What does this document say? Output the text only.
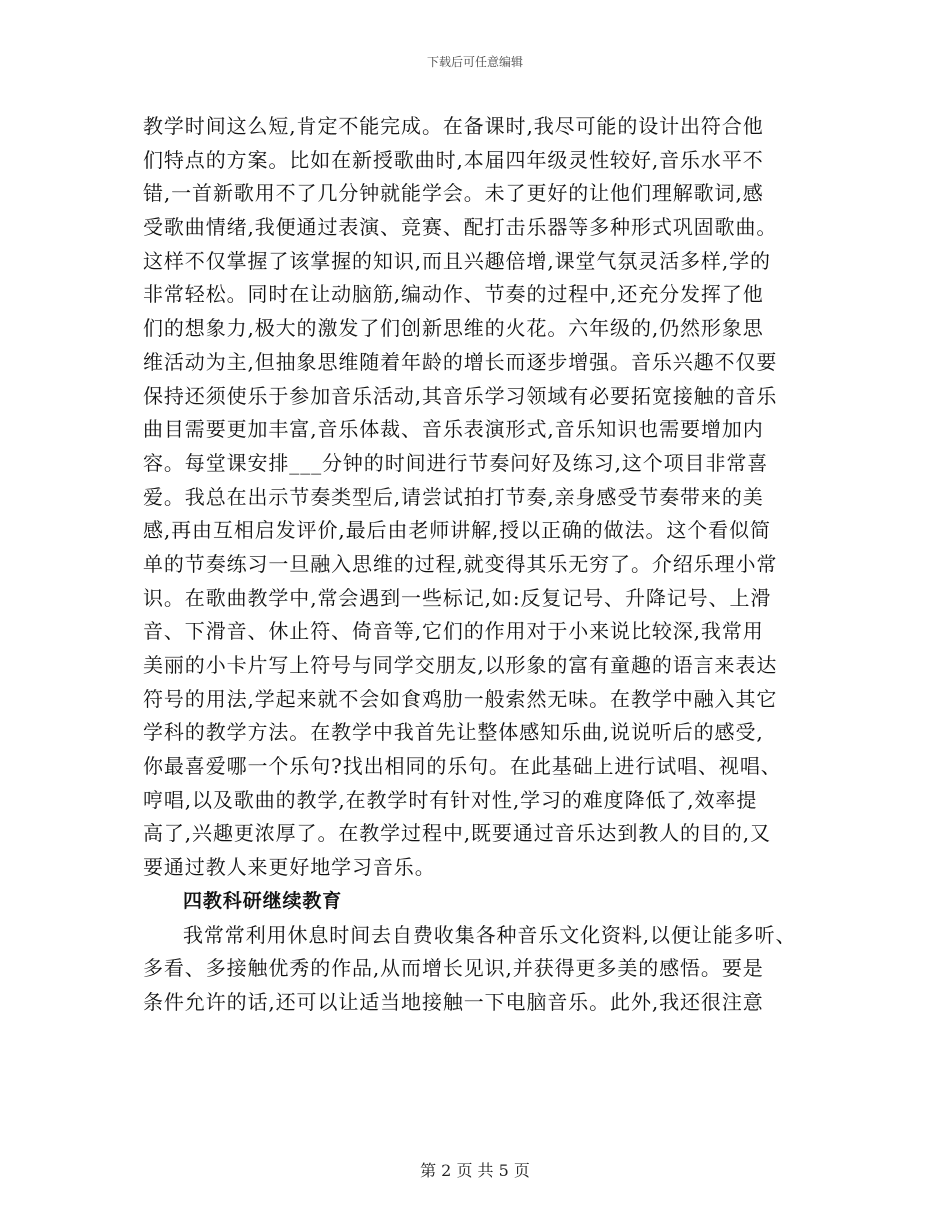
下载后可任意编辑
教学时间这么短,肯定不能完成。在备课时,我尽可能的设计出符合他
们特点的方案。比如在新授歌曲时,本届四年级灵性较好,音乐水平不
错,一首新歌用不了几分钟就能学会。未了更好的让他们理解歌词,感
受歌曲情绪,我便通过表演、竞赛、配打击乐器等多种形式巩固歌曲。
这样不仅掌握了该掌握的知识,而且兴趣倍增,课堂气氛灵活多样,学的
非常轻松。同时在让动脑筋,编动作、节奏的过程中,还充分发挥了他
们的想象力,极大的激发了们创新思维的火花。六年级的,仍然形象思
维活动为主,但抽象思维随着年龄的增长而逐步增强。音乐兴趣不仅要
保持还须使乐于参加音乐活动,其音乐学习领域有必要拓宽接触的音乐
曲目需要更加丰富,音乐体裁、音乐表演形式,音乐知识也需要增加内
容。每堂课安排___分钟的时间进行节奏问好及练习,这个项目非常喜
爱。我总在出示节奏类型后,请尝试拍打节奏,亲身感受节奏带来的美
感,再由互相启发评价,最后由老师讲解,授以正确的做法。这个看似简
单的节奏练习一旦融入思维的过程,就变得其乐无穷了。介绍乐理小常
识。在歌曲教学中,常会遇到一些标记,如:反复记号、升降记号、上滑
音、下滑音、休止符、倚音等,它们的作用对于小来说比较深,我常用
美丽的小卡片写上符号与同学交朋友,以形象的富有童趣的语言来表达
符号的用法,学起来就不会如食鸡肋一般索然无味。在教学中融入其它
学科的教学方法。在教学中我首先让整体感知乐曲,说说听后的感受,
你最喜爱哪一个乐句?找出相同的乐句。在此基础上进行试唱、视唱、
哼唱,以及歌曲的教学,在教学时有针对性,学习的难度降低了,效率提
高了,兴趣更浓厚了。在教学过程中,既要通过音乐达到教人的目的,又
要通过教人来更好地学习音乐。
四教科研继续教育
我常常利用休息时间去自费收集各种音乐文化资料,以便让能多听、
多看、多接触优秀的作品,从而增长见识,并获得更多美的感悟。要是
条件允许的话,还可以让适当地接触一下电脑音乐。此外,我还很注意
第 2 页 共 5 页
